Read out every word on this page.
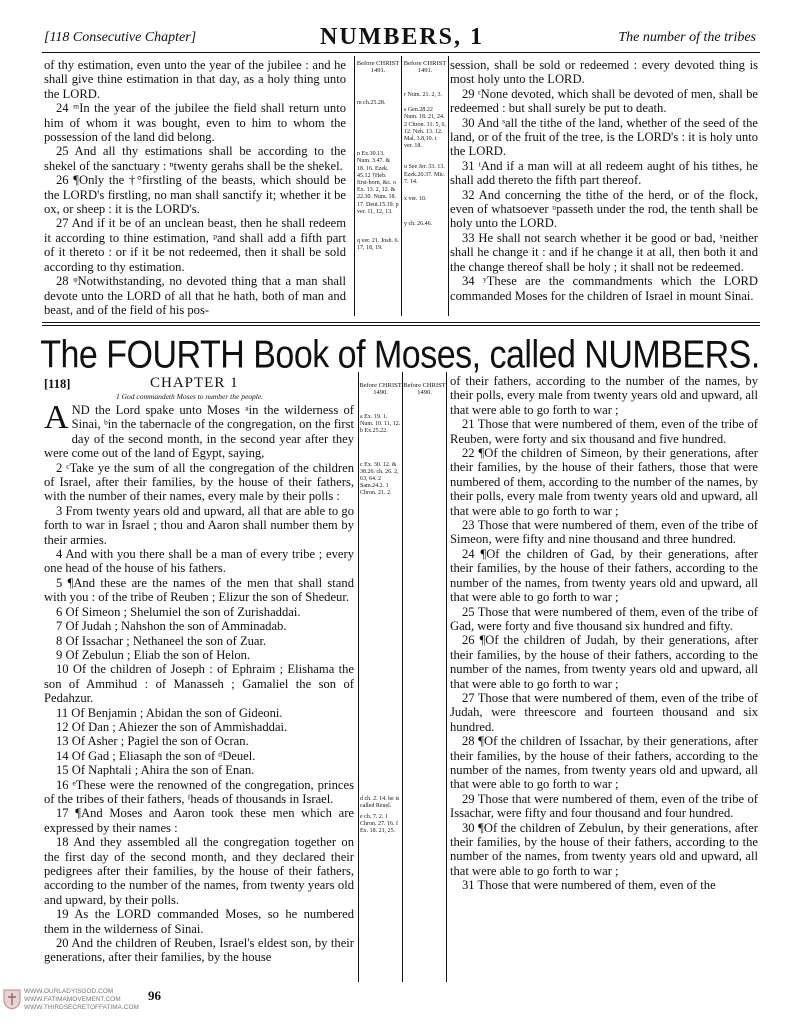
[118 Consecutive Chapter]	NUMBERS, 1	The number of the tribes

of thy estimation, even unto the year of the jubilee : and he shall give thine estimation in that day, as a holy thing unto the LORD.

24 ᵐIn the year of the jubilee the field shall return unto him of whom it was bought, even to him to whom the possession of the land did belong.

25 And all thy estimations shall be according to the shekel of the sanctuary : ⁿtwenty gerahs shall be the shekel.

26 ¶Only the †°firstling of the beasts, which should be the LORD's firstling, no man shall sanctify it; whether it be ox, or sheep : it is the LORD's.

27 And if it be of an unclean beast, then he shall redeem it according to thine estimation, ᵖand shall add a fifth part of it thereto : or if it be not redeemed, then it shall be sold according to thy estimation.

28 ᵠNotwithstanding, no devoted thing that a man shall devote unto the LORD of all that he hath, both of man and beast, and of the field of his pos-

Before CHRIST 1491.
Before CHRIST 1491.

m ch.25.28.

n Ex.30.13. Num. 3.47. & 18. 16. Ezek. 45.12 †Heb. first-born, &c. o Ex. 13. 2, 12. & 22.30. Num. 18. 17. Deut.15.19. p ver. 11, 12, 13.

q ver. 21. Josh. 6. 17, 18, 19.

r Num. 21. 2, 3.

s Gen.28.22 Num. 18. 21, 24. 2 Chron. 31. 5, 6, 12. Neh. 13. 12. Mal. 3.8,10. t ver. 18.

u See Jer. 33. 13. Ezek.20.37. Mic. 7. 14.

x ver. 10.

y ch. 26.46.

session, shall be sold or redeemed : every devoted thing is most holy unto the LORD.

29 ʳNone devoted, which shall be devoted of men, shall be redeemed : but shall surely be put to death.

30 And ˢall the tithe of the land, whether of the seed of the land, or of the fruit of the tree, is the LORD's : it is holy unto the LORD.

31 ᵗAnd if a man will at all redeem aught of his tithes, he shall add thereto the fifth part thereof.

32 And concerning the tithe of the herd, or of the flock, even of whatsoever ᵘpasseth under the rod, the tenth shall be holy unto the LORD.

33 He shall not search whether it be good or bad, ˣneither shall he change it : and if he change it at all, then both it and the change thereof shall be holy ; it shall not be redeemed.

34 ʸThese are the commandments which the LORD commanded Moses for the children of Israel in mount Sinai.

The FOURTH Book of Moses, called NUMBERS.
[118]	CHAPTER 1
1 God commandeth Moses to number the people.

AND the Lord spake unto Moses ᵃin the wilderness of Sinai, ᵇin the tabernacle of the congregation, on the first day of the second month, in the second year after they were come out of the land of Egypt, saying,

2 ᶜTake ye the sum of all the congregation of the children of Israel, after their families, by the house of their fathers, with the number of their names, every male by their polls :

3 From twenty years old and upward, all that are able to go forth to war in Israel ; thou and Aaron shall number them by their armies.

4 And with you there shall be a man of every tribe ; every one head of the house of his fathers.

5 ¶And these are the names of the men that shall stand with you : of the tribe of Reuben ; Elizur the son of Shedeur.

6 Of Simeon ; Shelumiel the son of Zurishaddai.

7 Of Judah ; Nahshon the son of Amminadab.

8 Of Issachar ; Nethaneel the son of Zuar.

9 Of Zebulun ; Eliab the son of Helon.

10 Of the children of Joseph : of Ephraim ; Elishama the son of Ammihud : of Manasseh ; Gamaliel the son of Pedahzur.

11 Of Benjamin ; Abidan the son of Gideoni.

12 Of Dan ; Ahiezer the son of Ammishaddai.

13 Of Asher ; Pagiel the son of Ocran.

14 Of Gad ; Eliasaph the son of ᵈDeuel.

15 Of Naphtali ; Ahira the son of Enan.

16 ᵉThese were the renowned of the congregation, princes of the tribes of their fathers, ᶠheads of thousands in Israel.

17 ¶And Moses and Aaron took these men which are expressed by their names :

18 And they assembled all the congregation together on the first day of the second month, and they declared their pedigrees after their families, by the house of their fathers, according to the number of the names, from twenty years old and upward, by their polls.

19 As the LORD commanded Moses, so he numbered them in the wilderness of Sinai.

20 And the children of Reuben, Israel's eldest son, by their generations, after their families, by the house

Before CHRIST 1490.
Before CHRIST 1490.

a Ex. 19. 1. Num. 10. 11, 12. b Ex.25.22.

c Ex. 30. 12. & 38.26. ch. 26. 2, 63, 64. 2 Sam.24.2. 1 Chron. 21. 2.

d ch. 2. 14. he is called Reuel.

e ch. 7. 2. 1 Chron. 27. 16. f Ex. 18. 21, 25.

of their fathers, according to the number of the names, by their polls, every male from twenty years old and upward, all that were able to go forth to war ;

21 Those that were numbered of them, even of the tribe of Reuben, were forty and six thousand and five hundred.

22 ¶Of the children of Simeon, by their generations, after their families, by the house of their fathers, those that were numbered of them, according to the number of the names, by their polls, every male from twenty years old and upward, all that were able to go forth to war ;

23 Those that were numbered of them, even of the tribe of Simeon, were fifty and nine thousand and three hundred.

24 ¶Of the children of Gad, by their generations, after their families, by the house of their fathers, according to the number of the names, from twenty years old and upward, all that were able to go forth to war ;

25 Those that were numbered of them, even of the tribe of Gad, were forty and five thousand six hundred and fifty.

26 ¶Of the children of Judah, by their generations, after their families, by the house of their fathers, according to the number of the names, from twenty years old and upward, all that were able to go forth to war ;

27 Those that were numbered of them, even of the tribe of Judah, were threescore and fourteen thousand and six hundred.

28 ¶Of the children of Issachar, by their generations, after their families, by the house of their fathers, according to the number of the names, from twenty years old and upward, all that were able to go forth to war ;

29 Those that were numbered of them, even of the tribe of Issachar, were fifty and four thousand and four hundred.

30 ¶Of the children of Zebulun, by their generations, after their families, by the house of their fathers, according to the number of the names, from twenty years old and upward, all that were able to go forth to war ;

31 Those that were numbered of them, even of the

WWW.OURLADYISGOD.COM
WWW.FATIMAMOVEMENT.COM
WWW.THIRDSECRETOFFATIMA.COM
96
